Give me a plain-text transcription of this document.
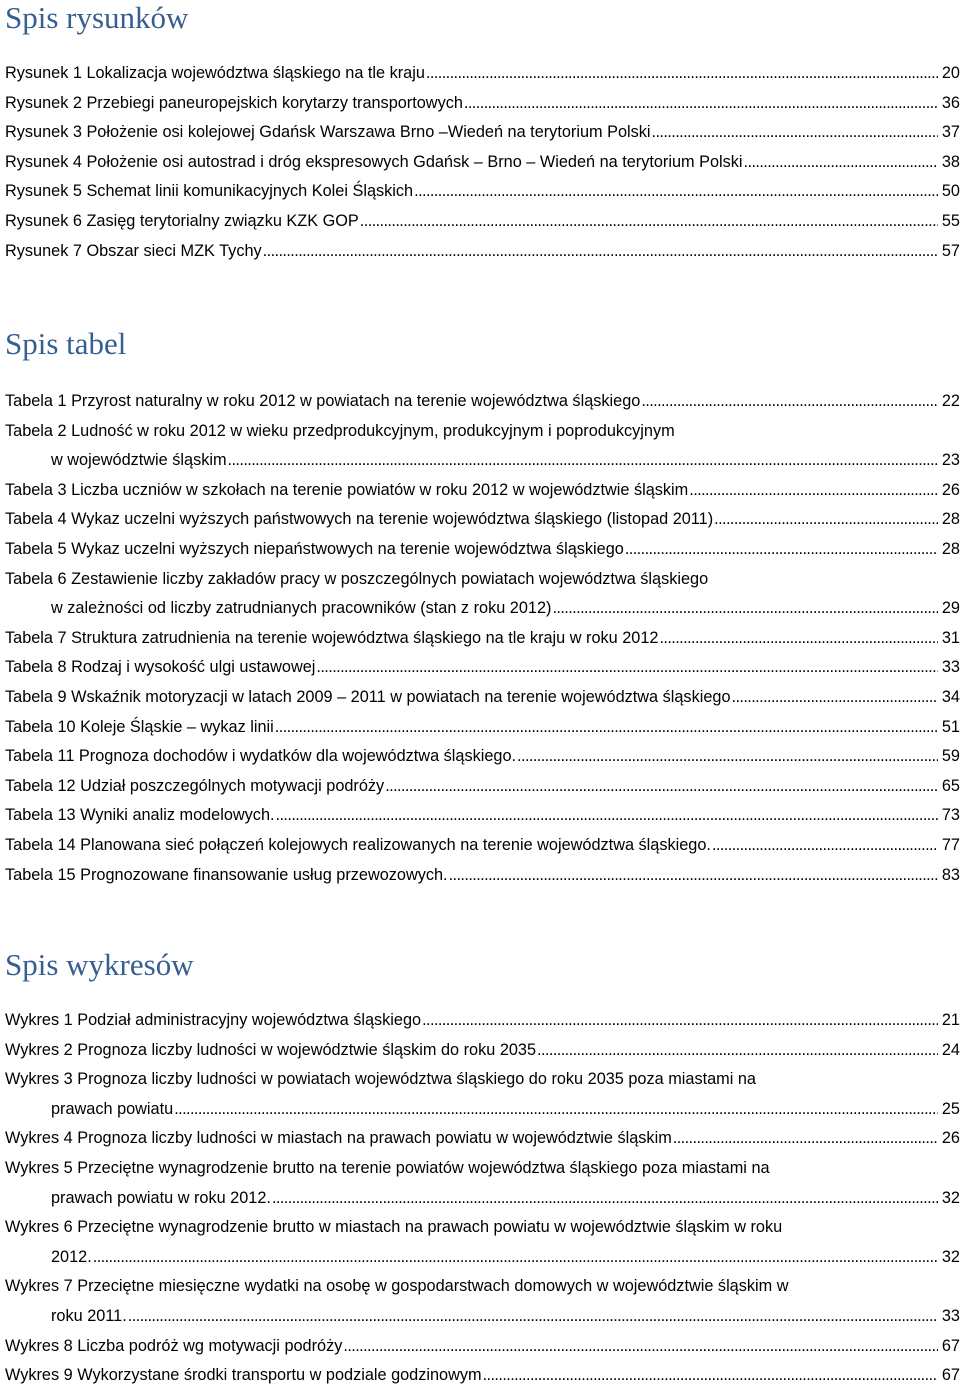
Spis rysunków
Rysunek 1 Lokalizacja województwa śląskiego na tle kraju . . .	20
Rysunek 2 Przebiegi paneuropejskich korytarzy transportowych . . .	36
Rysunek 3 Położenie osi kolejowej Gdańsk Warszawa Brno –Wiedeń na terytorium Polski . . .	37
Rysunek 4 Położenie osi autostrad i dróg ekspresowych Gdańsk – Brno – Wiedeń na terytorium Polski . . .	38
Rysunek 5 Schemat linii komunikacyjnych Kolei Śląskich . . .	50
Rysunek 6 Zasięg terytorialny związku KZK GOP . . .	55
Rysunek 7 Obszar sieci MZK Tychy . . .	57
Spis tabel
Tabela 1 Przyrost naturalny w roku 2012 w powiatach na terenie województwa śląskiego . . .	22
Tabela 2 Ludność w roku 2012 w wieku przedprodukcyjnym, produkcyjnym i poprodukcyjnym
w województwie śląskim . . .	23
Tabela 3 Liczba uczniów w szkołach na terenie powiatów w roku 2012 w województwie śląskim . . .	26
Tabela 4 Wykaz uczelni wyższych państwowych na terenie województwa śląskiego (listopad 2011) . . .	28
Tabela 5 Wykaz uczelni wyższych niepaństwowych na terenie województwa śląskiego . . .	28
Tabela 6 Zestawienie liczby zakładów pracy w poszczególnych powiatach województwa śląskiego
w zależności od liczby zatrudnianych pracowników (stan z roku 2012) . . .	29
Tabela 7 Struktura zatrudnienia na terenie województwa śląskiego na tle kraju w roku 2012 . . .	31
Tabela 8 Rodzaj i wysokość ulgi ustawowej . . .	33
Tabela 9 Wskaźnik motoryzacji w latach 2009 – 2011 w powiatach na terenie województwa śląskiego . . .	34
Tabela 10 Koleje Śląskie – wykaz linii . . .	51
Tabela 11 Prognoza dochodów i wydatków dla województwa śląskiego. . . .	59
Tabela 12 Udział poszczególnych motywacji podróży . . .	65
Tabela 13 Wyniki analiz modelowych. . . .	73
Tabela 14 Planowana sieć połączeń kolejowych realizowanych na terenie województwa śląskiego. . . .	77
Tabela 15 Prognozowane finansowanie usług przewozowych. . . .	83
Spis wykresów
Wykres 1 Podział administracyjny województwa śląskiego . . .	21
Wykres 2 Prognoza liczby ludności w województwie śląskim do roku 2035 . . .	24
Wykres 3 Prognoza liczby ludności w powiatach województwa śląskiego do roku 2035 poza miastami na
prawach powiatu . . .	25
Wykres 4 Prognoza liczby ludności w miastach na prawach powiatu w województwie śląskim . . .	26
Wykres 5 Przeciętne wynagrodzenie brutto na terenie powiatów województwa śląskiego poza miastami na
prawach powiatu w roku 2012. . . .	32
Wykres 6 Przeciętne wynagrodzenie brutto w miastach na prawach powiatu w województwie śląskim w roku
2012. . . .	32
Wykres 7 Przeciętne miesięczne wydatki na osobę w gospodarstwach domowych w województwie śląskim w
roku 2011. . . .	33
Wykres 8 Liczba podróż wg motywacji podróży . . .	67
Wykres 9 Wykorzystane środki transportu w podziale godzinowym . . .	67
